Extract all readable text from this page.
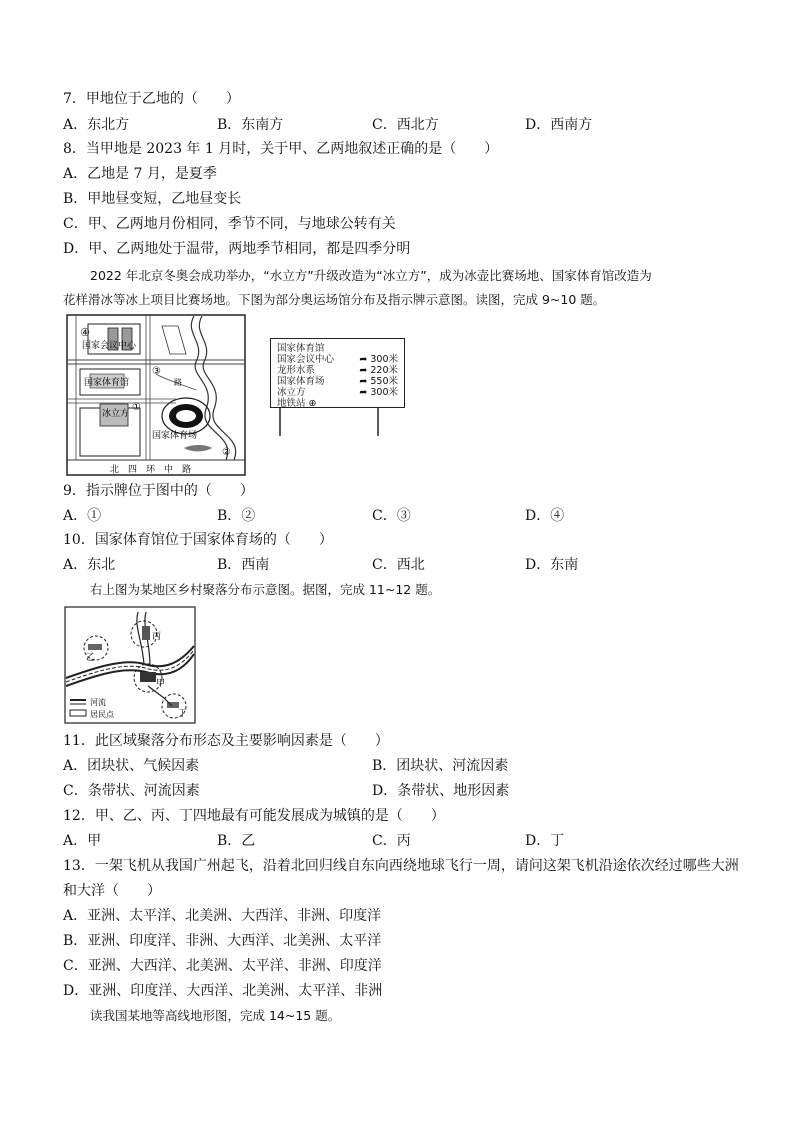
7．甲地位于乙地的（　　）
A．东北方	B．东南方	C．西北方	D．西南方
8．当甲地是 2023 年 1 月时，关于甲、乙两地叙述正确的是（　　）
A．乙地是 7 月，是夏季
B．甲地昼变短，乙地昼变长
C．甲、乙两地月份相同，季节不同，与地球公转有关
D．甲、乙两地处于温带，两地季节相同，都是四季分明
2022 年北京冬奥会成功举办，“水立方”升级改造为“冰立方”，成为冰壶比赛场地、国家体育馆改造为
花样滑冰等冰上项目比赛场地。下图为部分奥运场馆分布及指示牌示意图。读图，完成 9~10 题。
④
国家会议中心
③
国家体育馆	路
冰立方
①
国家体育场
②
北　四　环　中　路
国家体育馆
国家会议中心	➦ 300米
龙形水系	➦ 220米
国家体育场	➦ 550米
冰立方	➦ 300米
地铁站 ⊕
9．指示牌位于图中的（　　）
A．①	B．②	C．③	D．④
10．国家体育馆位于国家体育场的（　　）
A．东北	B．西南	C．西北	D．东南
右上图为某地区乡村聚落分布示意图。据图，完成 11~12 题。
丙
乙
甲
丁
河流
居民点
11．此区域聚落分布形态及主要影响因素是（　　）
A．团块状、气候因素	B．团块状、河流因素
C．条带状、河流因素	D．条带状、地形因素
12．甲、乙、丙、丁四地最有可能发展成为城镇的是（　　）
A．甲	B．乙	C．丙	D．丁
13．一架飞机从我国广州起飞，沿着北回归线自东向西绕地球飞行一周，请问这架飞机沿途依次经过哪些大洲
和大洋（　　）
A．亚洲、太平洋、北美洲、大西洋、非洲、印度洋
B．亚洲、印度洋、非洲、大西洋、北美洲、太平洋
C．亚洲、大西洋、北美洲、太平洋、非洲、印度洋
D．亚洲、印度洋、大西洋、北美洲、太平洋、非洲
读我国某地等高线地形图，完成 14~15 题。
